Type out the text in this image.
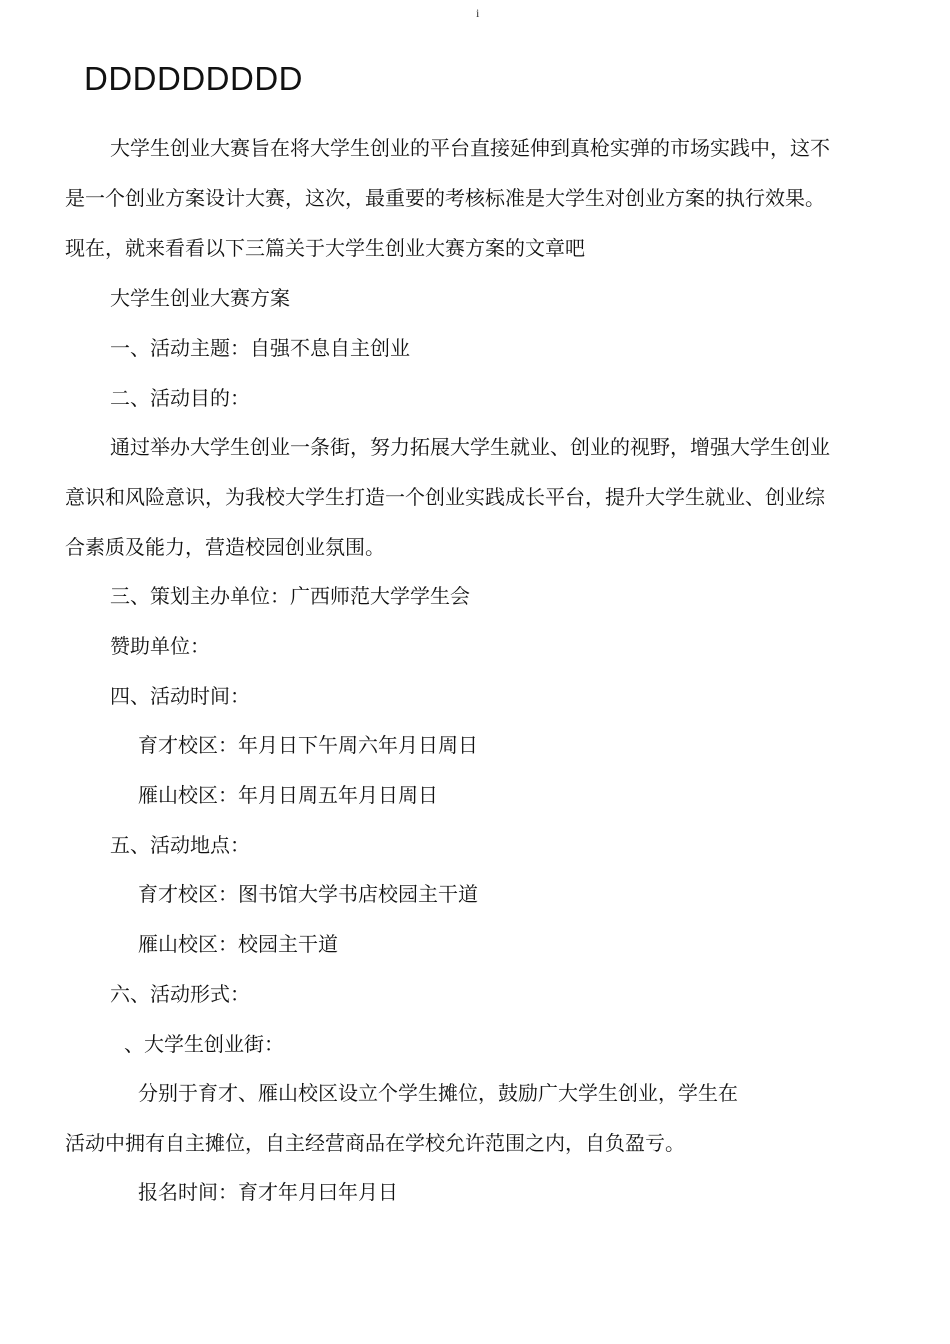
i
DDDDDDDDD
大学生创业大赛旨在将大学生创业的平台直接延伸到真枪实弹的市场实践中，这不
是一个创业方案设计大赛，这次，最重要的考核标准是大学生对创业方案的执行效果。
现在，就来看看以下三篇关于大学生创业大赛方案的文章吧
大学生创业大赛方案
一、活动主题：自强不息自主创业
二、活动目的：
通过举办大学生创业一条街，努力拓展大学生就业、创业的视野，增强大学生创业
意识和风险意识，为我校大学生打造一个创业实践成长平台，提升大学生就业、创业综
合素质及能力，营造校园创业氛围。
三、策划主办单位：广西师范大学学生会
赞助单位：
四、活动时间：
育才校区：年月日下午周六年月日周日
雁山校区：年月日周五年月日周日
五、活动地点：
育才校区：图书馆大学书店校园主干道
雁山校区：校园主干道
六、活动形式：
、大学生创业街：
分别于育才、雁山校区设立个学生摊位，鼓励广大学生创业，学生在
活动中拥有自主摊位，自主经营商品在学校允许范围之内，自负盈亏。
报名时间：育才年月曰年月日
